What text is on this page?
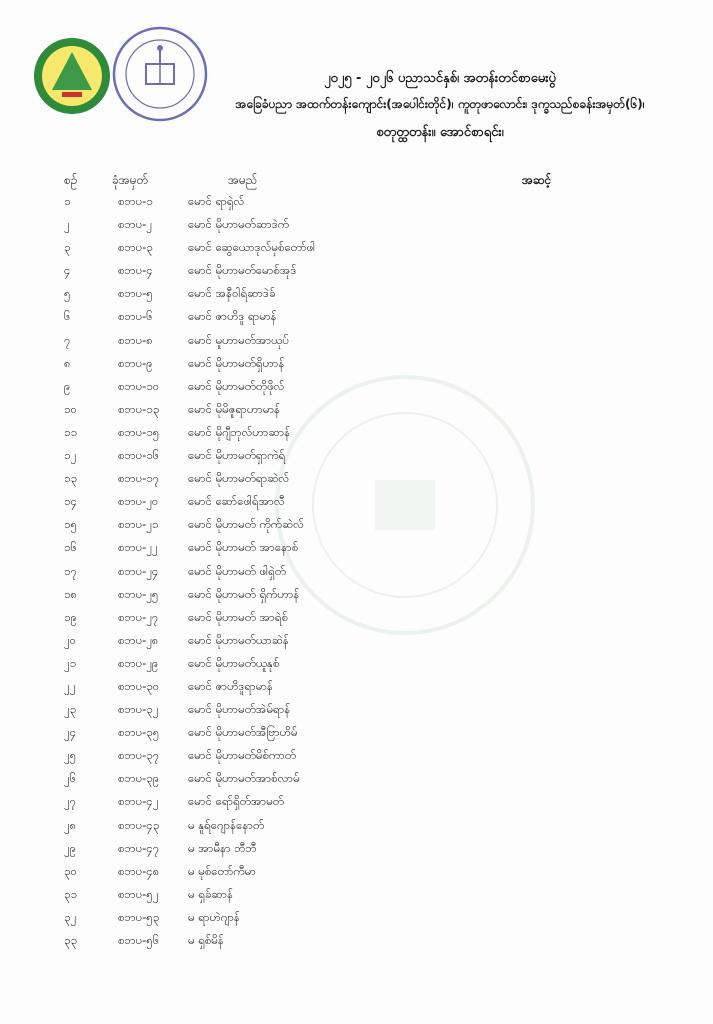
၂၀၂၅ - ၂၀၂၆ ပညာသင်နှစ်၊ အတန်းတင်စာမေးပွဲ
အခြေခံပညာ အထက်တန်းကျောင်း(အပေါင်းတိုင်)၊ ကူတုဖာလောင်း၊ ဒုက္ခသည်စခန်းအမှတ်(၆)၊
စတုတ္ထတန်း။ အောင်စာရင်း၊
စဉ်	ခုံအမှတ်	အမည်	အဆင့်
၁	စဘပ-၁	မောင် ရာရှဲလ်
၂	စဘပ-၂	မောင် မိုဟာမတ်ဆာဒဲက်
၃	စဘပ-၃	မောင် ဆွေယောဒုလ်မှစ်တော်ဖါ
၄	စဘပ-၄	မောင် မိုဟာမတ်မောစ်အုဒ်
၅	စဘပ-၅	မောင် အနီဝါရ်ဆာဒဲခ်
၆	စဘပ-၆	မောင် ဇာဟိဒူ ရာမာန်
၇	စဘပ-၈	မောင် မူဟာမတ်အာယုပ်
၈	စဘပ-၉	မောင် မိုဟာမတ်ရှိဟာန်
၉	စဘပ-၁၀	မောင် မိုဟာမတ်တိုဖိုလ်
၁၀	စဘပ-၁၃	မောင် မိုမိဇူရာဟာမာန်
၁၁	စဘပ-၁၅	မောင် မိုဂျီဘုလ်ဟာဆာန်
၁၂	စဘပ-၁၆	မောင် မိုဟာမတ်ရှာကဲရ်
၁၃	စဘပ-၁၇	မောင် မိုဟာမတ်ရာဆဲလ်
၁၄	စဘပ-၂၀	မောင် ဆော်ဖေါရ်အာလီ
၁၅	စဘပ-၂၁	မောင် မိုဟာမတ် ကိုက်ဆဲလ်
၁၆	စဘပ-၂၂	မောင် မိုဟာမတ် အာနောစ်
၁၇	စဘပ-၂၄	မောင် မိုဟာမတ် ဖါရှဲတ်
၁၈	စဘပ-၂၅	မောင် မိုဟာမတ် ရှိက်ဟာန်
၁၉	စဘပ-၂၇	မောင် မိုဟာမတ် အာရဲစ်
၂၀	စဘပ-၂၈	မောင် မိုဟာမတ်ယာဆဲန်
၂၁	စဘပ-၂၉	မောင် မိုဟာမတ်ယူနုစ်
၂၂	စဘပ-၃၀	မောင် ဇာဟိဒူရာမာန်
၂၃	စဘပ-၃၂	မောင် မိုဟာမတ်အဲမ်ရာန်
၂၄	စဘပ-၃၅	မောင် မိုဟာမတ်အီဗြာဟိမ်
၂၅	စဘပ-၃၇	မောင် မိုဟာမတ်မိစ်ကာတ်
၂၆	စဘပ-၃၉	မောင် မိုဟာမတ်အာစ်လာမ်
၂၇	စဘပ-၄၂	မောင် ရော်ရှိတ်အာမတ်
၂၈	စဘပ-၄၃	မ နူရ်ဂျောန်နောတ်
၂၉	စဘပ-၄၇	မ အာမီနာ ဘီဘီ
၃၀	စဘပ-၄၈ မ မုစ်တော်ကီမာ
၃၁	စဘပ-၅၂	မ ရှခ်ဆာန်
၃၂	စဘပ-၅၃	မ ရာဟဲဂျာန်
၃၃	စဘပ-၅၆	မ ရှစ်မိန်
